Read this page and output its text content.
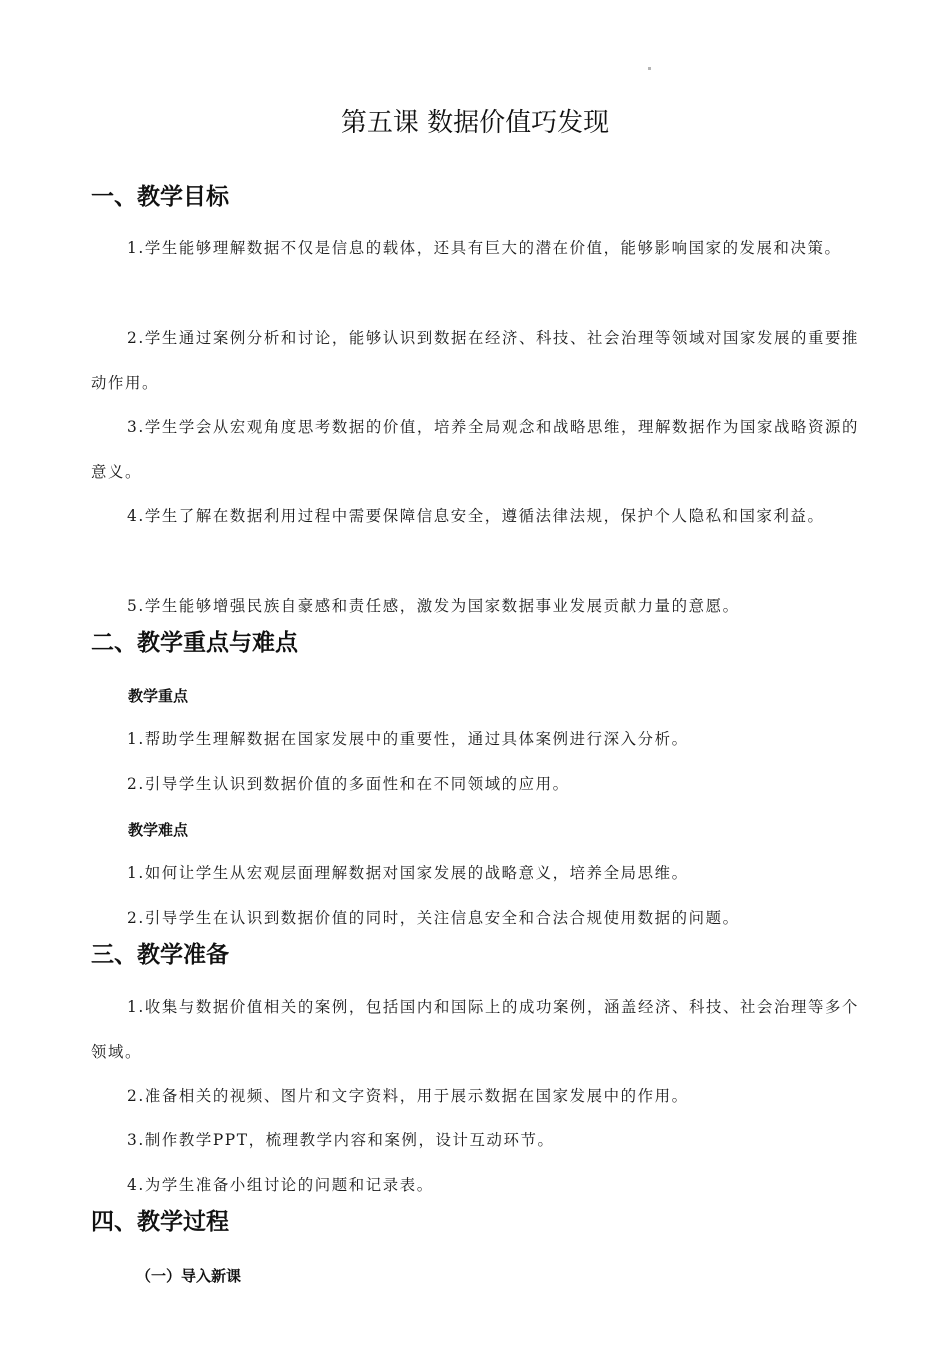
第五课 数据价值巧发现
一、教学目标

1.学生能够理解数据不仅是信息的载体，还具有巨大的潜在价值，能够影响国家的发展和决策。

2.学生通过案例分析和讨论，能够认识到数据在经济、科技、社会治理等领域对国家发展的重要推动作用。

3.学生学会从宏观角度思考数据的价值，培养全局观念和战略思维，理解数据作为国家战略资源的意义。

4.学生了解在数据利用过程中需要保障信息安全，遵循法律法规，保护个人隐私和国家利益。

5.学生能够增强民族自豪感和责任感，激发为国家数据事业发展贡献力量的意愿。

二、教学重点与难点
教学重点

1.帮助学生理解数据在国家发展中的重要性，通过具体案例进行深入分析。

2.引导学生认识到数据价值的多面性和在不同领域的应用。

教学难点

1.如何让学生从宏观层面理解数据对国家发展的战略意义，培养全局思维。

2.引导学生在认识到数据价值的同时，关注信息安全和合法合规使用数据的问题。

三、教学准备

1.收集与数据价值相关的案例，包括国内和国际上的成功案例，涵盖经济、科技、社会治理等多个领域。

2.准备相关的视频、图片和文字资料，用于展示数据在国家发展中的作用。

3.制作教学PPT，梳理教学内容和案例，设计互动环节。

4.为学生准备小组讨论的问题和记录表。

四、教学过程
（一）导入新课
